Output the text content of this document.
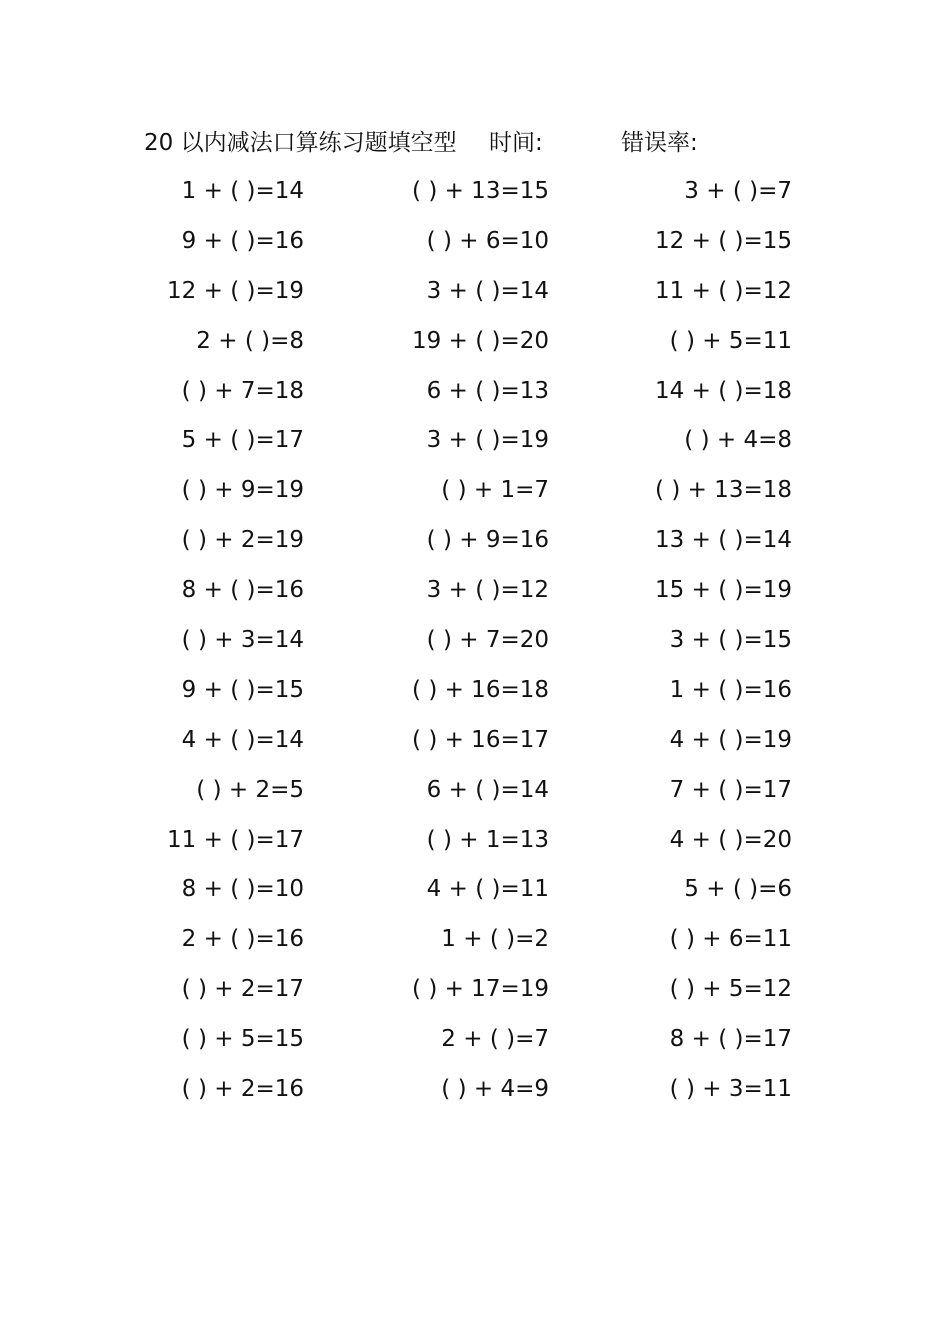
20 以内减法口算练习题填空型 时间:	错误率:
1 + ( )=14	( ) + 13=15	3 + ( )=7
9 + ( )=16	( ) + 6=10	12 + ( )=15
12 + ( )=19	3 + ( )=14	11 + ( )=12
2 + ( )=8	19 + ( )=20	( ) + 5=11
( ) + 7=18	6 + ( )=13	14 + ( )=18
5 + ( )=17	3 + ( )=19	( ) + 4=8
( ) + 9=19	( ) + 1=7	( ) + 13=18
( ) + 2=19	( ) + 9=16	13 + ( )=14
8 + ( )=16	3 + ( )=12	15 + ( )=19
( ) + 3=14	( ) + 7=20	3 + ( )=15
9 + ( )=15	( ) + 16=18	1 + ( )=16
4 + ( )=14	( ) + 16=17	4 + ( )=19
( ) + 2=5	6 + ( )=14	7 + ( )=17
11 + ( )=17	( ) + 1=13	4 + ( )=20
8 + ( )=10	4 + ( )=11	5 + ( )=6
2 + ( )=16	1 + ( )=2	( ) + 6=11
( ) + 2=17	( ) + 17=19	( ) + 5=12
( ) + 5=15	2 + ( )=7	8 + ( )=17
( ) + 2=16	( ) + 4=9	( ) + 3=11
